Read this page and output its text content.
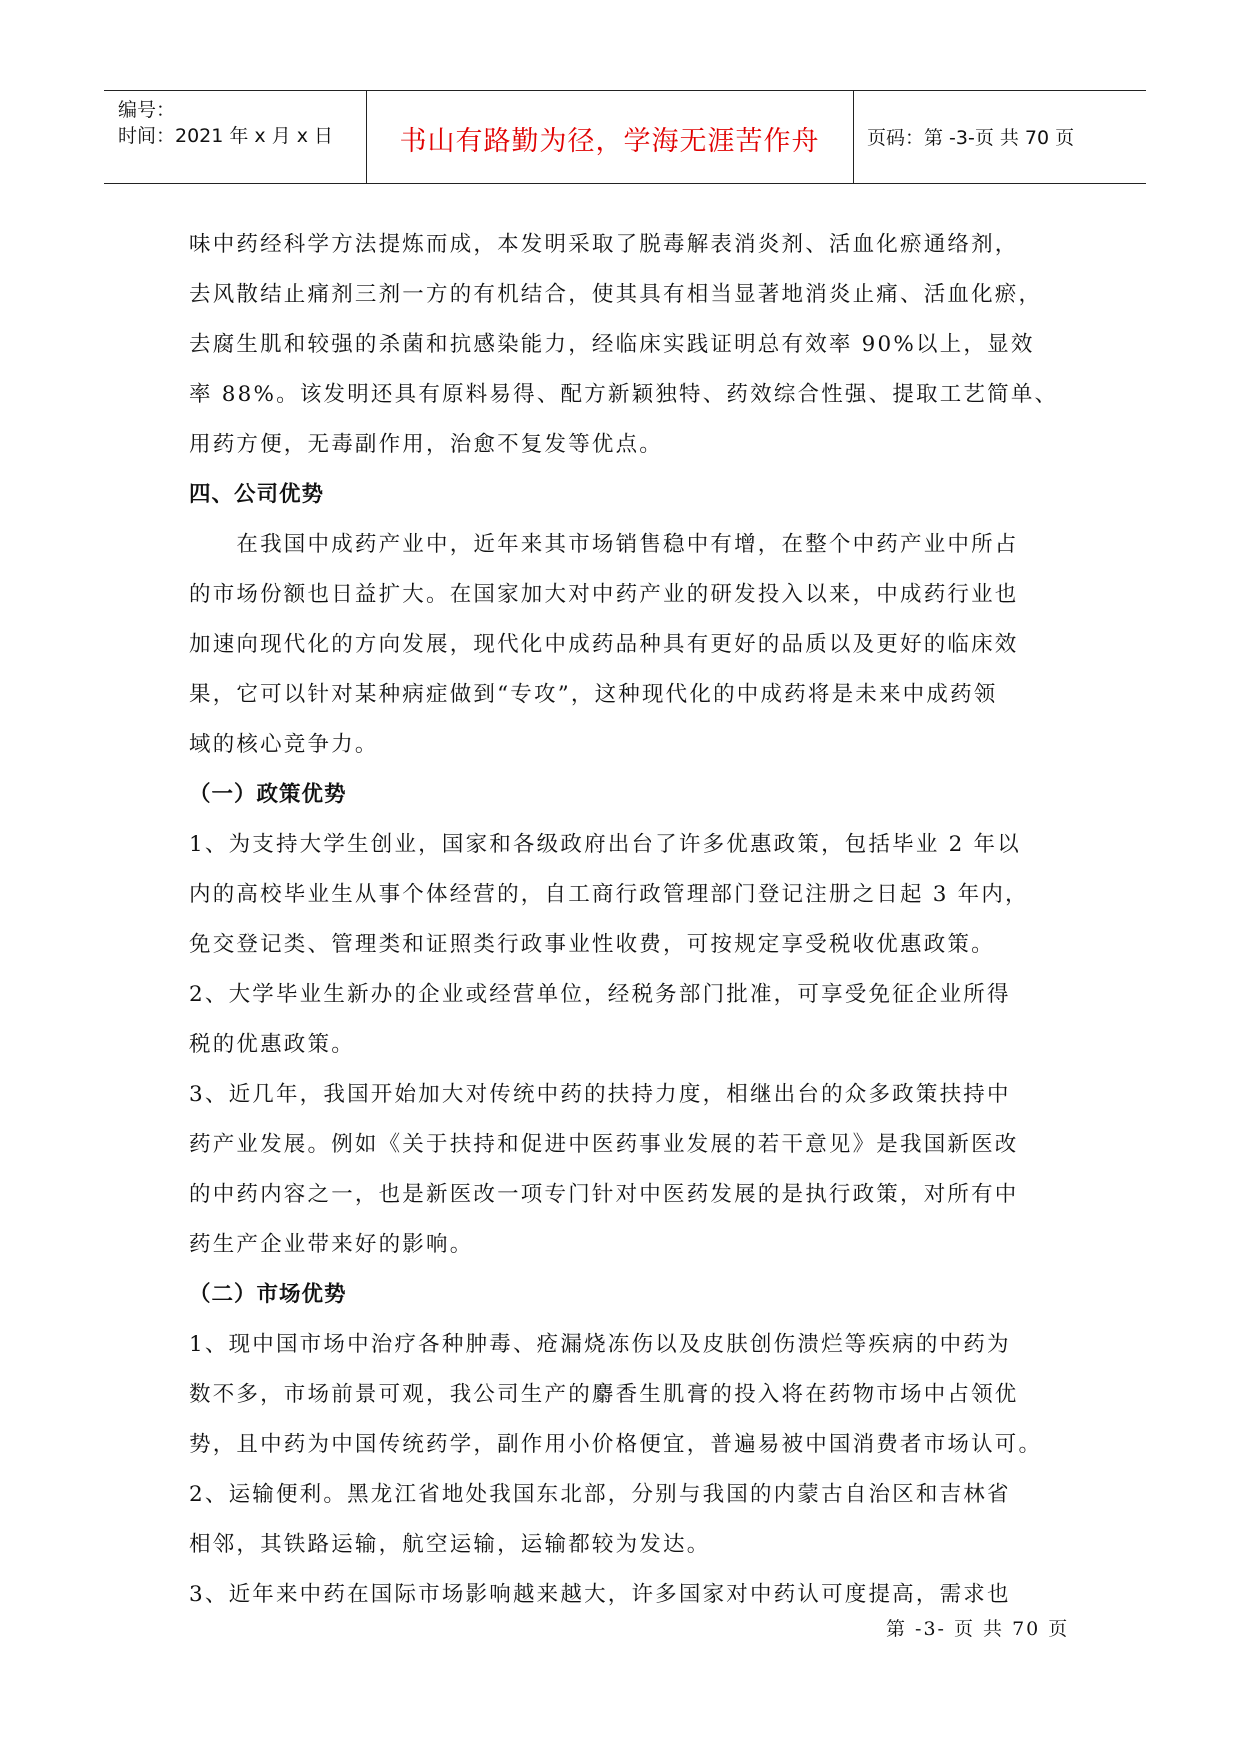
编号：
时间：2021 年 x 月 x 日	书山有路勤为径，学海无涯苦作舟	页码：第 -3-页 共 70 页
味中药经科学方法提炼而成，本发明采取了脱毒解表消炎剂、活血化瘀通络剂，
去风散结止痛剂三剂一方的有机结合，使其具有相当显著地消炎止痛、活血化瘀，
去腐生肌和较强的杀菌和抗感染能力，经临床实践证明总有效率 90%以上，显效
率 88%。该发明还具有原料易得、配方新颖独特、药效综合性强、提取工艺简单、
用药方便，无毒副作用，治愈不复发等优点。
四、公司优势
　　在我国中成药产业中，近年来其市场销售稳中有增，在整个中药产业中所占
的市场份额也日益扩大。在国家加大对中药产业的研发投入以来，中成药行业也
加速向现代化的方向发展，现代化中成药品种具有更好的品质以及更好的临床效
果，它可以针对某种病症做到“专攻”，这种现代化的中成药将是未来中成药领
域的核心竞争力。
（一）政策优势
1、为支持大学生创业，国家和各级政府出台了许多优惠政策，包括毕业 2 年以
内的高校毕业生从事个体经营的，自工商行政管理部门登记注册之日起 3 年内，
免交登记类、管理类和证照类行政事业性收费，可按规定享受税收优惠政策。
2、大学毕业生新办的企业或经营单位，经税务部门批准，可享受免征企业所得
税的优惠政策。
3、近几年，我国开始加大对传统中药的扶持力度，相继出台的众多政策扶持中
药产业发展。例如《关于扶持和促进中医药事业发展的若干意见》是我国新医改
的中药内容之一，也是新医改一项专门针对中医药发展的是执行政策，对所有中
药生产企业带来好的影响。
（二）市场优势
1、现中国市场中治疗各种肿毒、疮漏烧冻伤以及皮肤创伤溃烂等疾病的中药为
数不多，市场前景可观，我公司生产的麝香生肌膏的投入将在药物市场中占领优
势，且中药为中国传统药学，副作用小价格便宜，普遍易被中国消费者市场认可。
2、运输便利。黑龙江省地处我国东北部，分别与我国的内蒙古自治区和吉林省
相邻，其铁路运输，航空运输，运输都较为发达。
3、近年来中药在国际市场影响越来越大，许多国家对中药认可度提高，需求也
第 -3- 页 共 70 页
